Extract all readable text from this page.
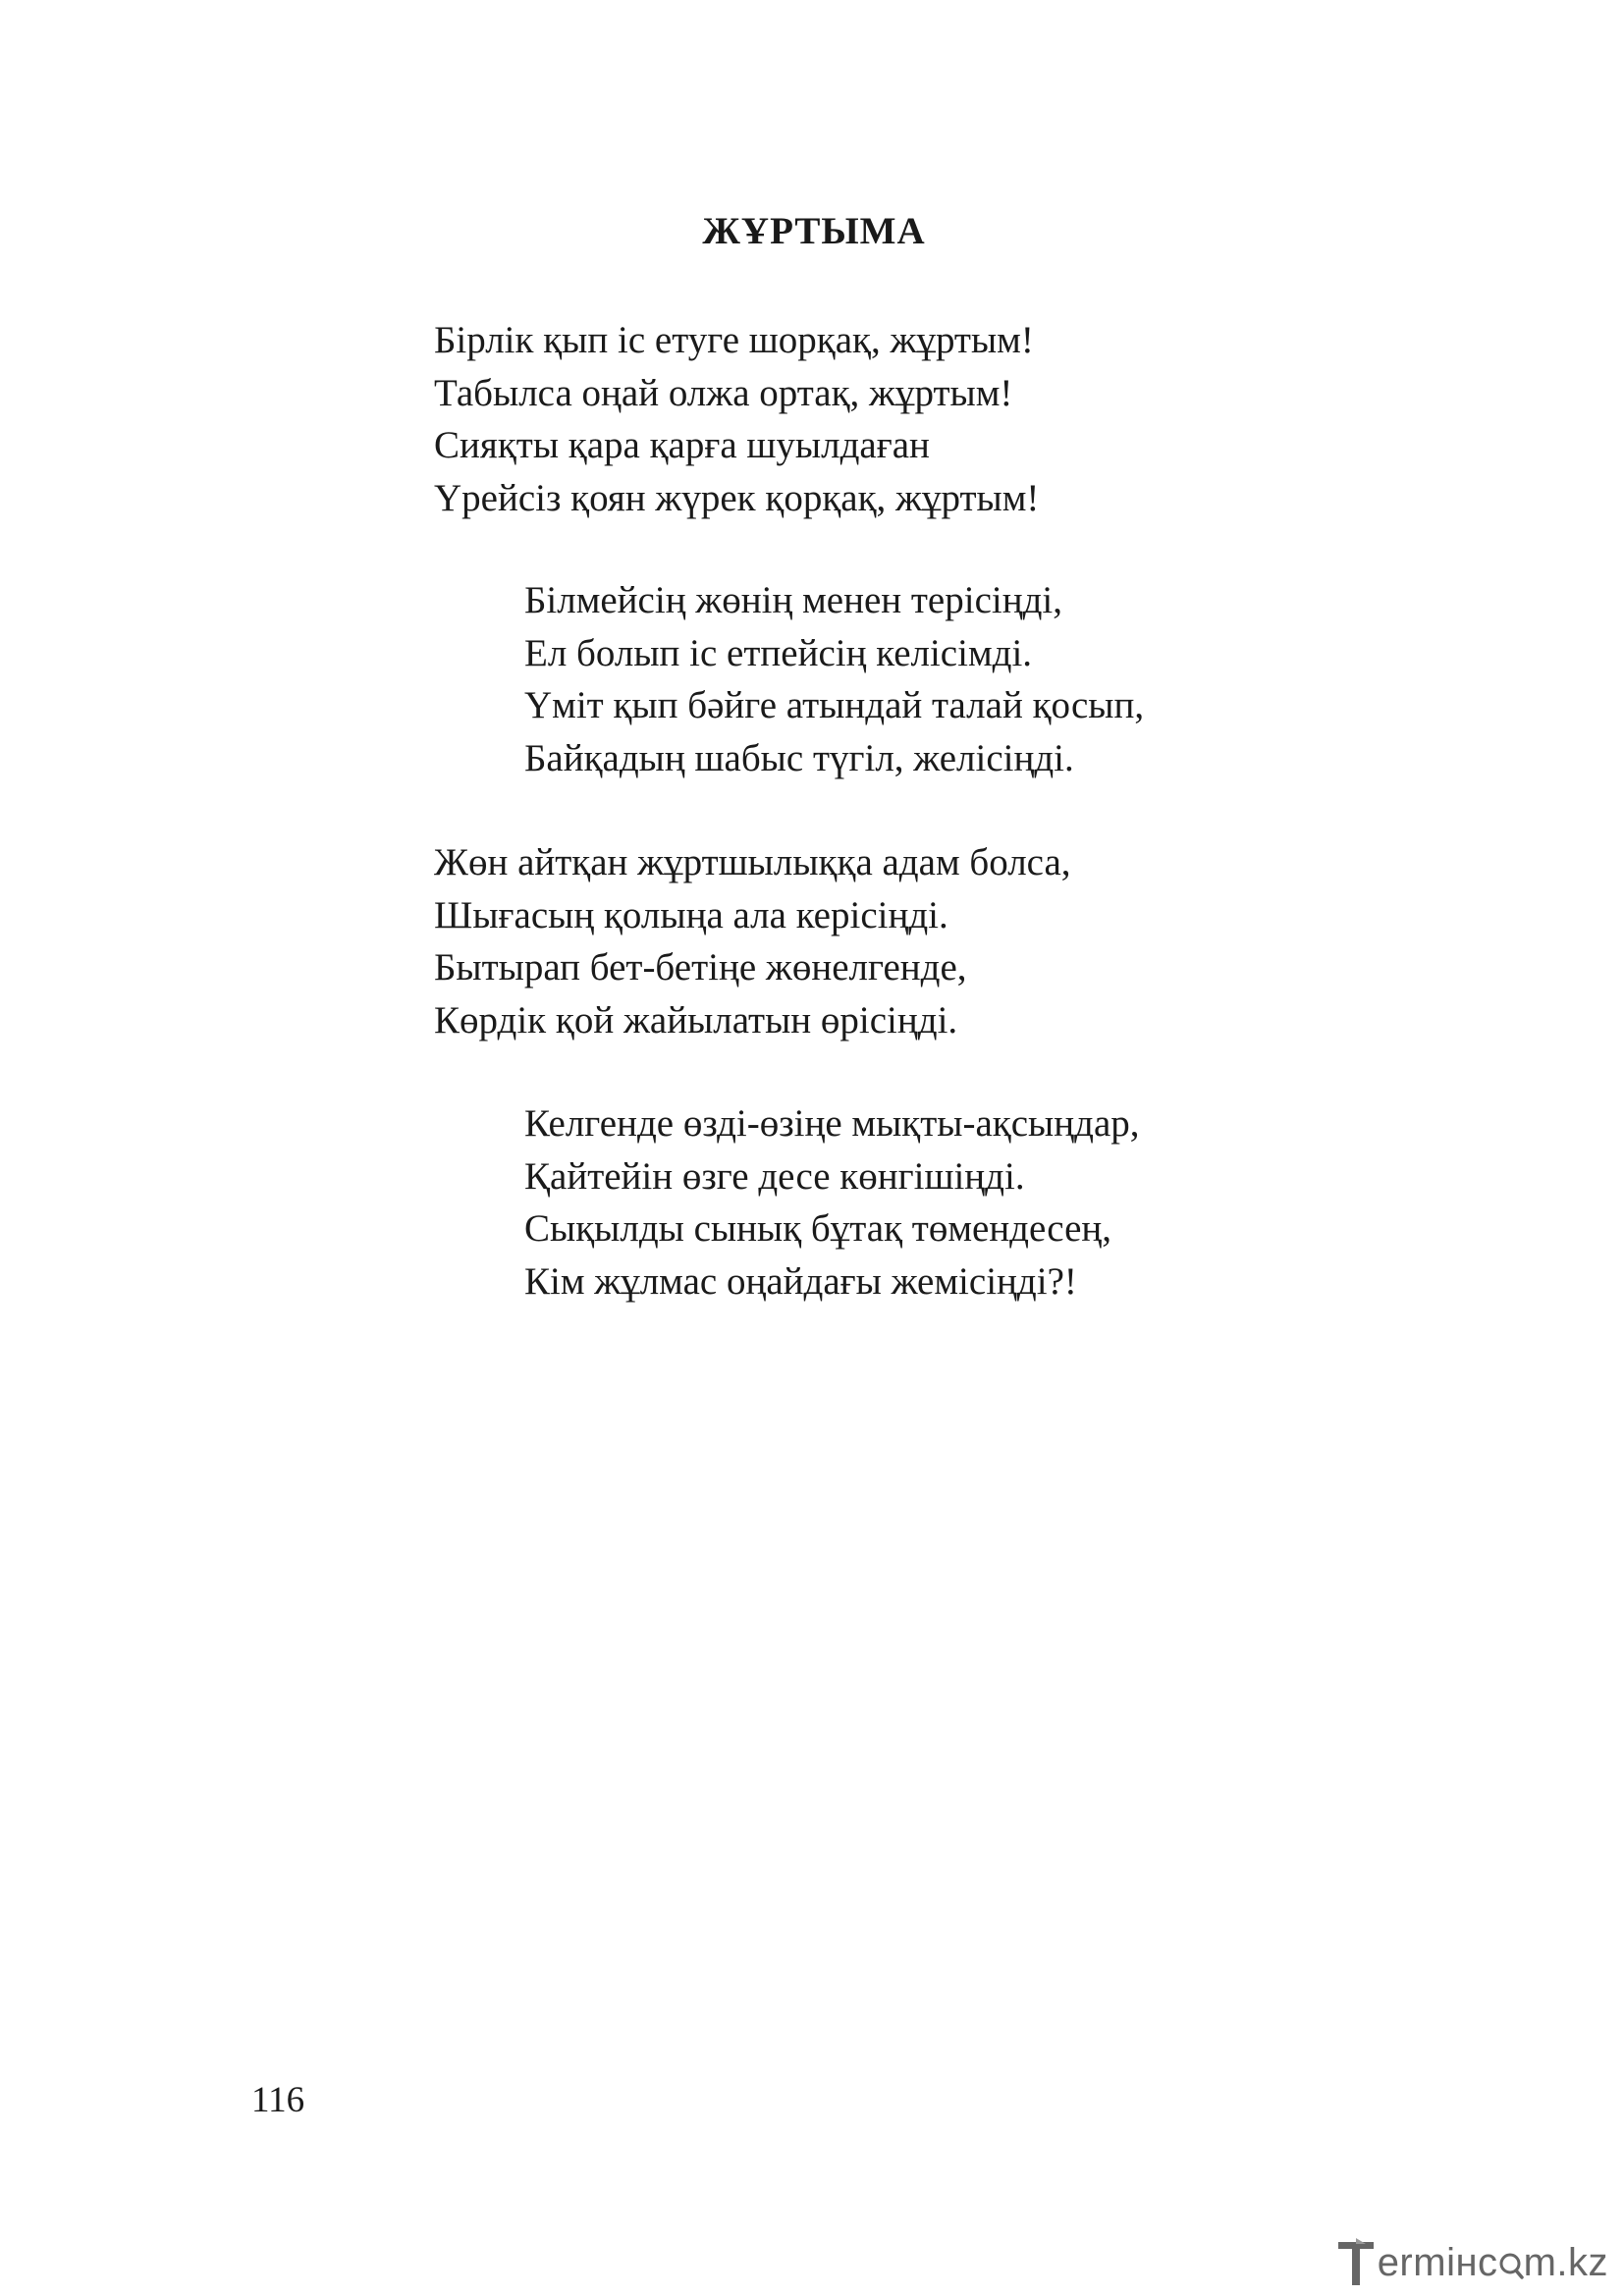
ЖҰРТЫМА
Бірлік қып іс етуге шорқақ, жұртым!
Табылса оңай олжа ортақ, жұртым!
Сияқты қара қарға шуылдаған
Үрейсіз қоян жүрек қорқақ, жұртым!
Білмейсің жөнің менен терісіңді,
Ел болып іс етпейсің келісімді.
Үміт қып бәйге атындай талай қосып,
Байқадың шабыс түгіл, желісіңді.
Жөн айтқан жұртшылыққа адам болса,
Шығасың қолыңа ала керісіңді.
Бытырап бет-бетіңе жөнелгенде,
Көрдік қой жайылатын өрісіңді.
Келгенде өзді-өзіңе мықты-ақсыңдар,
Қайтейін өзге десе көнгішіңді.
Сықылды сынық бұтақ төмендесең,
Кім жұлмас оңайдағы жемісіңді?!
116
ermінс m.kz
